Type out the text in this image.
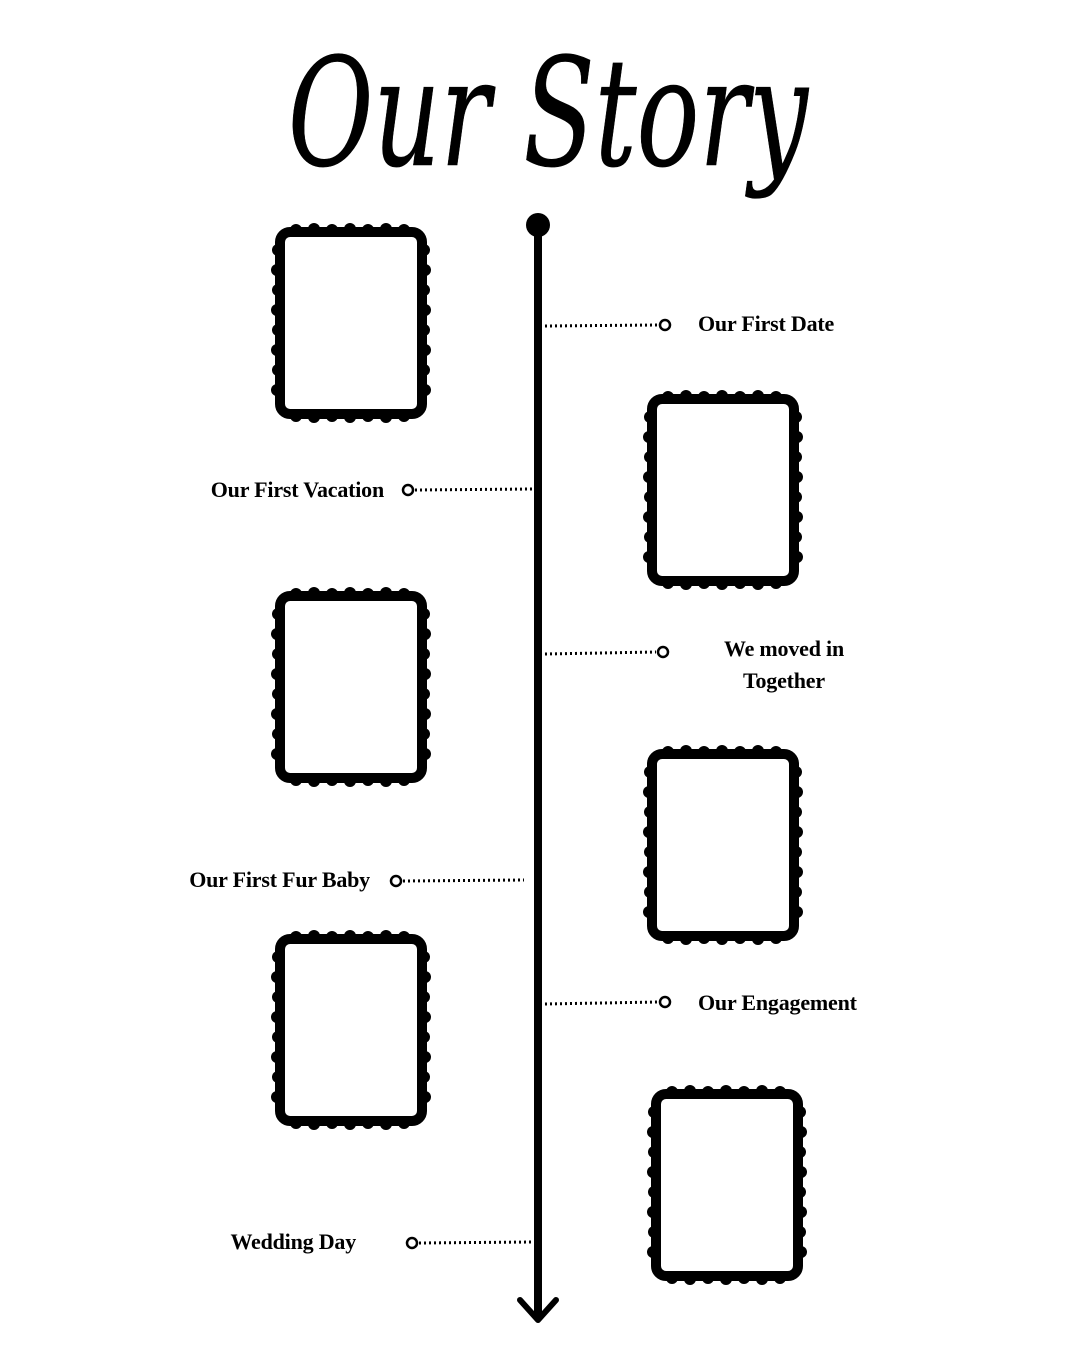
Our Story
Our First Date
Our First Vacation
We moved in Together
Our First Fur Baby
Our Engagement
Wedding Day
